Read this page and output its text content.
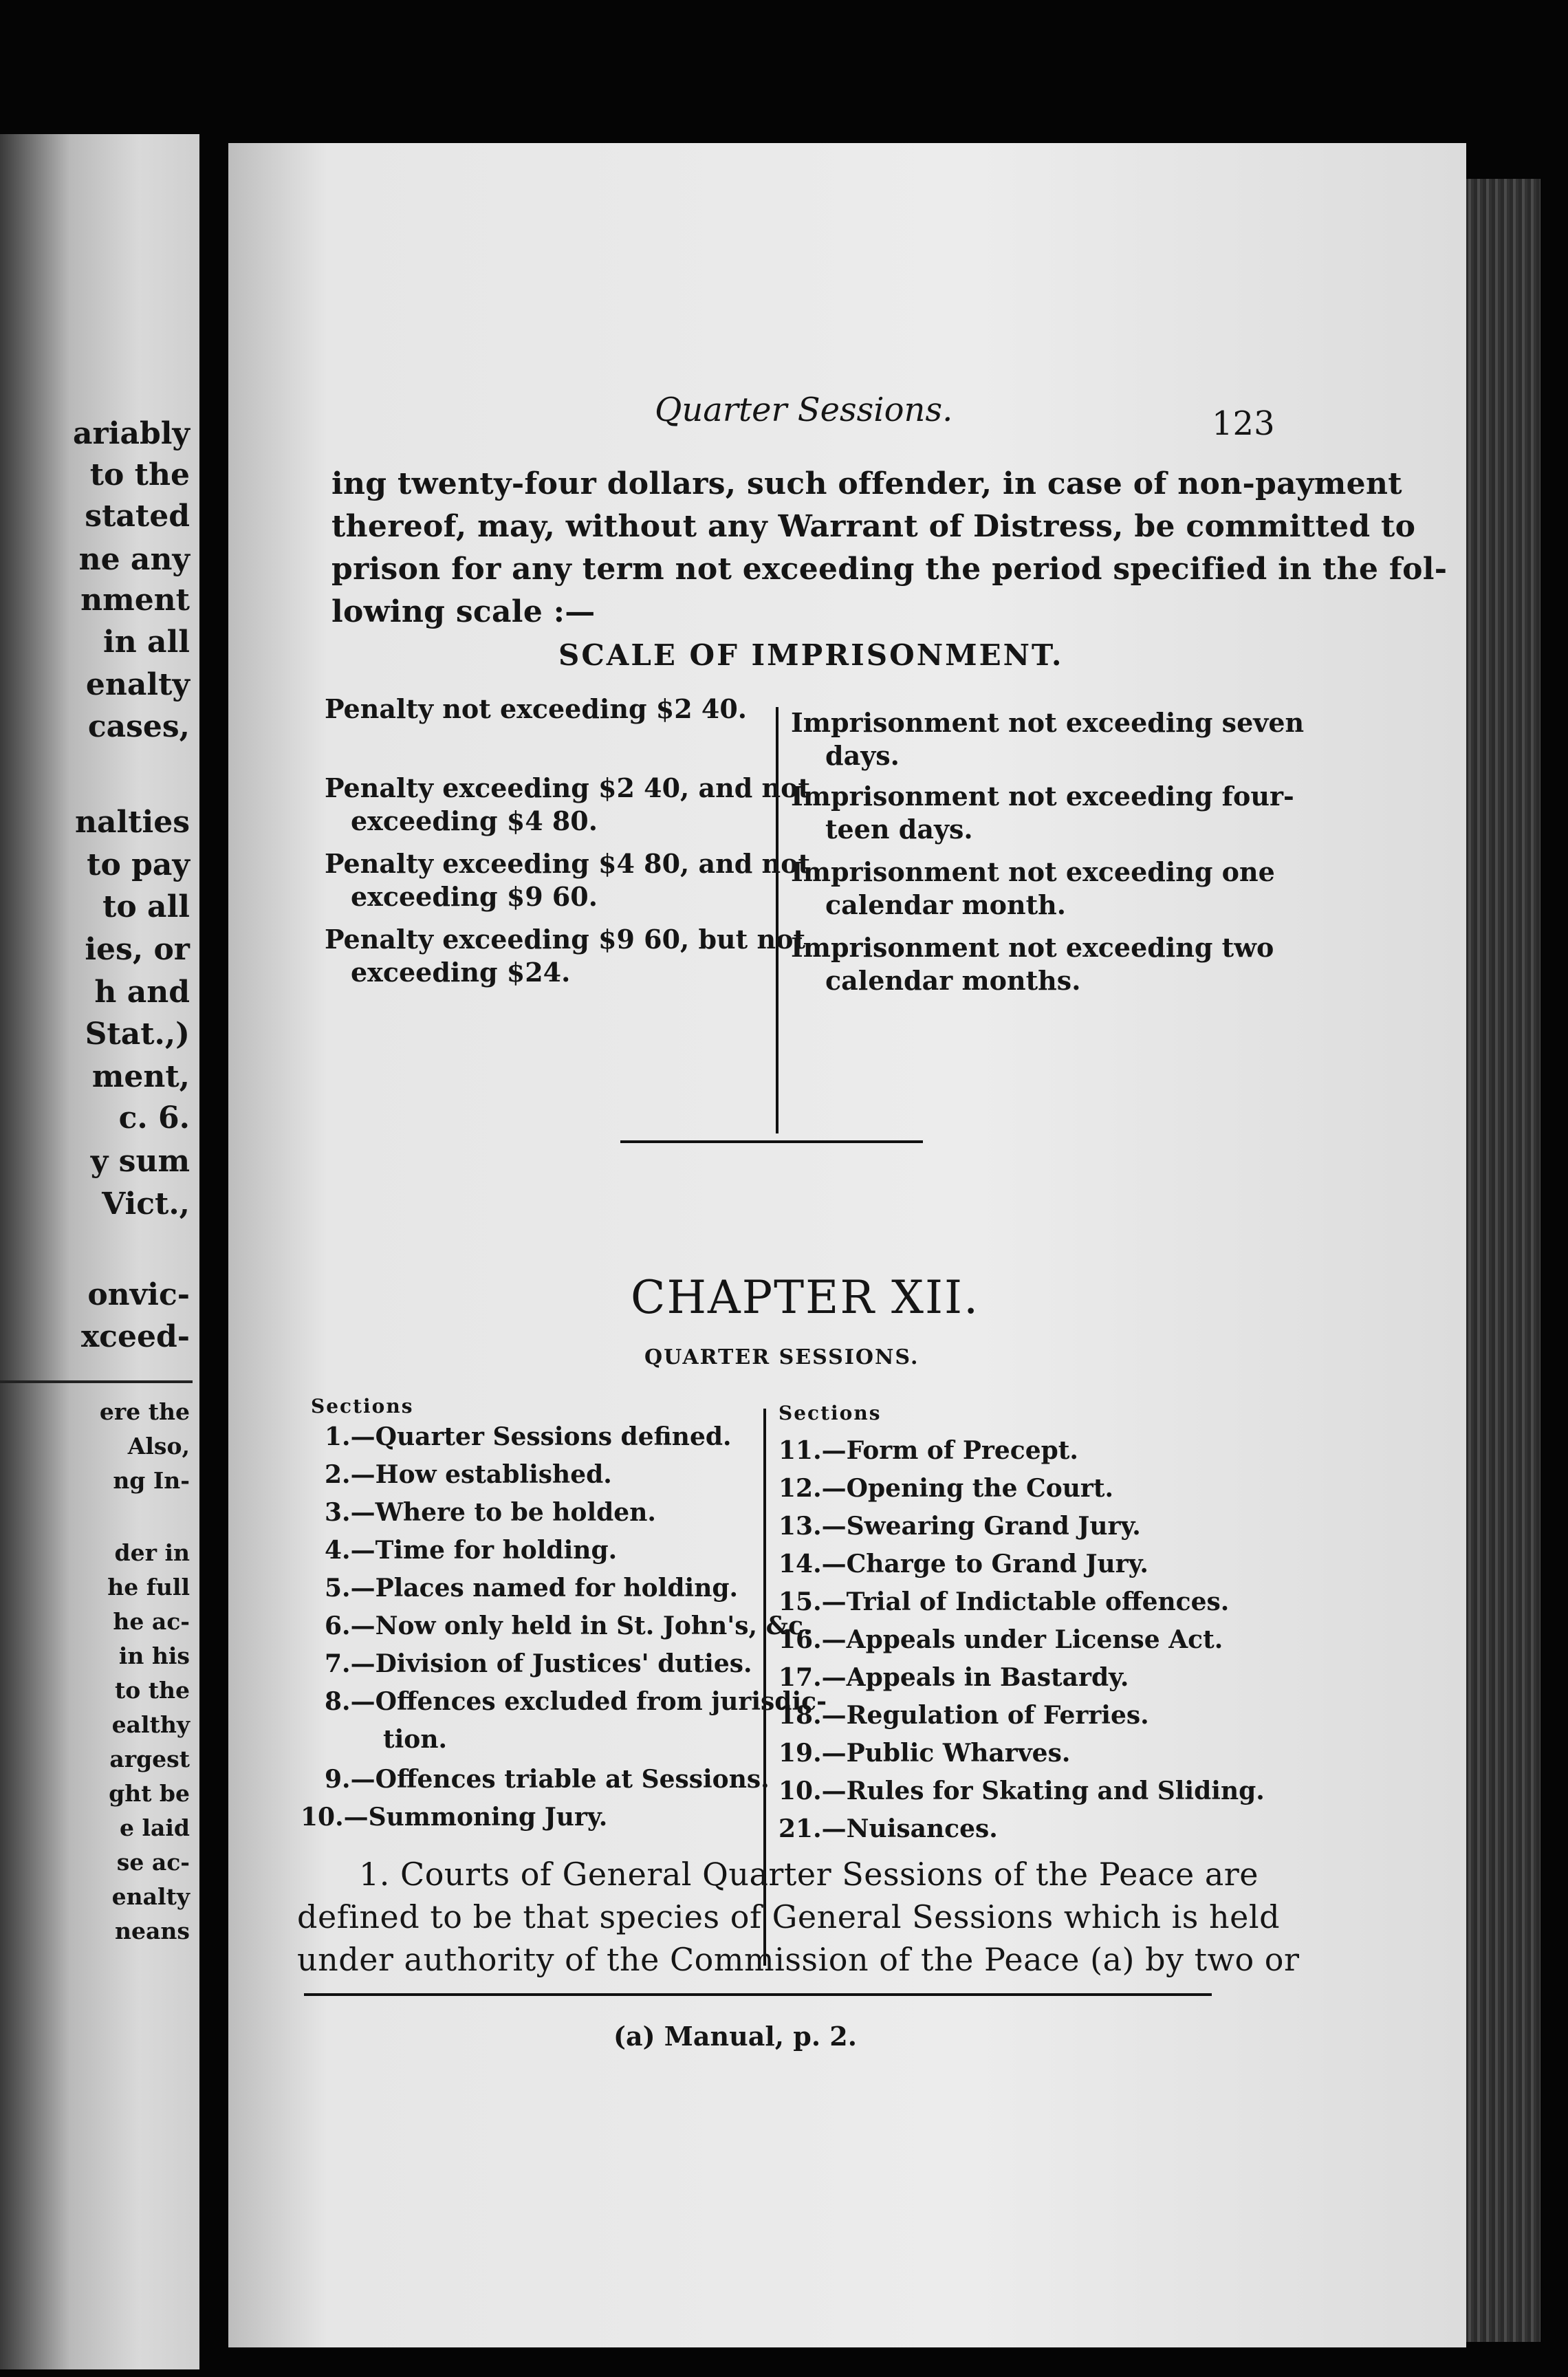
ariably
to the
stated
ne any
nment
in all
enalty
cases,
nalties
to pay
to all
ies, or
h and
Stat.,)
ment,
c. 6.
y sum
Vict.,
onvic-
xceed-
ere the
Also,
ng In-
der in
he full
he ac-
in his
to the
ealthy
argest
ght be
e laid
se ac-
enalty
neans
Quarter Sessions.	123
ing twenty-four dollars, such offender, in case of non-payment
thereof, may, without any Warrant of Distress, be committed to
prison for any term not exceeding the period specified in the fol-
lowing scale :—
SCALE OF IMPRISONMENT.
Penalty not exceeding $2 40. Imprisonment not exceeding seven
days.
Penalty exceeding $2 40, and not
exceeding $4 80.
Imprisonment not exceeding four-
teen days.
Penalty exceeding $4 80, and not
exceeding $9 60.
Imprisonment not exceeding one
calendar month.
Penalty exceeding $9 60, but not
exceeding $24.
Imprisonment not exceeding two
calendar months.
CHAPTER XII.
QUARTER SESSIONS.
Sections
1.—Quarter Sessions defined.
2.—How established.
3.—Where to be holden.
4.—Time for holding.
5.—Places named for holding.
6.—Now only held in St. John's, &c.
7.—Division of Justices' duties.
8.—Offences excluded from jurisdic-
tion.
9.—Offences triable at Sessions.
10.—Summoning Jury.
Sections
11.—Form of Precept.
12.—Opening the Court.
13.—Swearing Grand Jury.
14.—Charge to Grand Jury.
15.—Trial of Indictable offences.
16.—Appeals under License Act.
17.—Appeals in Bastardy.
18.—Regulation of Ferries.
19.—Public Wharves.
10.—Rules for Skating and Sliding.
21.—Nuisances.
1. Courts of General Quarter Sessions of the Peace are
defined to be that species of General Sessions which is held
under authority of the Commission of the Peace (a) by two or
(a) Manual, p. 2.
